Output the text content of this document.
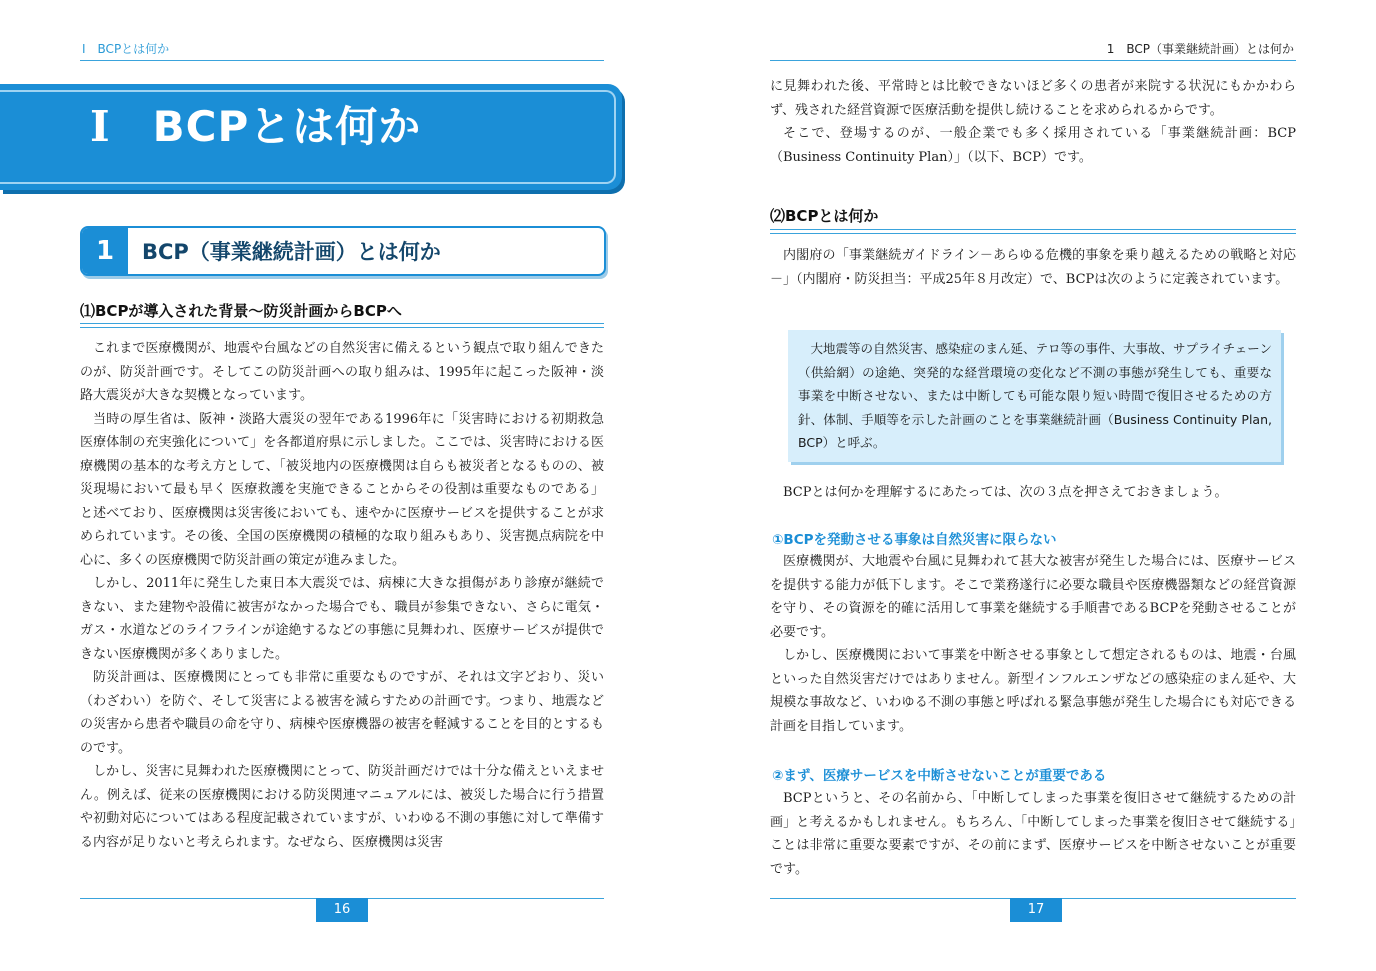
I　BCPとは何か
I BCPとは何か
1	BCP（事業継続計画）とは何か
⑴BCPが導入された背景～防災計画からBCPへ

これまで医療機関が、地震や台風などの自然災害に備えるという観点で取り組んできたのが、防災計画です。そしてこの防災計画への取り組みは、1995年に起こった阪神・淡路大震災が大きな契機となっています。

当時の厚生省は、阪神・淡路大震災の翌年である1996年に「災害時における初期救急医療体制の充実強化について」を各都道府県に示しました。ここでは、災害時における医療機関の基本的な考え方として、「被災地内の医療機関は自らも被災者となるものの、被災現場において最も早く 医療救護を実施できることからその役割は重要なものである」と述べており、医療機関は災害後においても、速やかに医療サービスを提供することが求められています。その後、全国の医療機関の積極的な取り組みもあり、災害拠点病院を中心に、多くの医療機関で防災計画の策定が進みました。

しかし、2011年に発生した東日本大震災では、病棟に大きな損傷があり診療が継続できない、また建物や設備に被害がなかった場合でも、職員が参集できない、さらに電気・ガス・水道などのライフラインが途絶するなどの事態に見舞われ、医療サービスが提供できない医療機関が多くありました。

防災計画は、医療機関にとっても非常に重要なものですが、それは文字どおり、災い（わざわい）を防ぐ、そして災害による被害を減らすための計画です。つまり、地震などの災害から患者や職員の命を守り、病棟や医療機器の被害を軽減することを目的とするものです。

しかし、災害に見舞われた医療機関にとって、防災計画だけでは十分な備えといえません。例えば、従来の医療機関における防災関連マニュアルには、被災した場合に行う措置や初動対応についてはある程度記載されていますが、いわゆる不測の事態に対して準備する内容が足りないと考えられます。なぜなら、医療機関は災害

16
1　BCP（事業継続計画）とは何か

に見舞われた後、平常時とは比較できないほど多くの患者が来院する状況にもかかわらず、残された経営資源で医療活動を提供し続けることを求められるからです。

そこで、登場するのが、一般企業でも多く採用されている「事業継続計画：BCP（Business Continuity Plan）」（以下、BCP）です。

⑵BCPとは何か

内閣府の「事業継続ガイドライン－あらゆる危機的事象を乗り越えるための戦略と対応－」（内閣府・防災担当：平成25年８月改定）で、BCPは次のように定義されています。

大地震等の自然災害、感染症のまん延、テロ等の事件、大事故、サプライチェーン（供給網）の途絶、突発的な経営環境の変化など不測の事態が発生しても、重要な事業を中断させない、または中断しても可能な限り短い時間で復旧させるための方針、体制、手順等を示した計画のことを事業継続計画（Business Continuity Plan, BCP）と呼ぶ。

BCPとは何かを理解するにあたっては、次の３点を押さえておきましょう。

①BCPを発動させる事象は自然災害に限らない

医療機関が、大地震や台風に見舞われて甚大な被害が発生した場合には、医療サービスを提供する能力が低下します。そこで業務遂行に必要な職員や医療機器類などの経営資源を守り、その資源を的確に活用して事業を継続する手順書であるBCPを発動させることが必要です。

しかし、医療機関において事業を中断させる事象として想定されるものは、地震・台風といった自然災害だけではありません。新型インフルエンザなどの感染症のまん延や、大規模な事故など、いわゆる不測の事態と呼ばれる緊急事態が発生した場合にも対応できる計画を目指しています。

②まず、医療サービスを中断させないことが重要である

BCPというと、その名前から、「中断してしまった事業を復旧させて継続するための計画」と考えるかもしれません。もちろん、「中断してしまった事業を復旧させて継続する」ことは非常に重要な要素ですが、その前にまず、医療サービスを中断させないことが重要です。

17
